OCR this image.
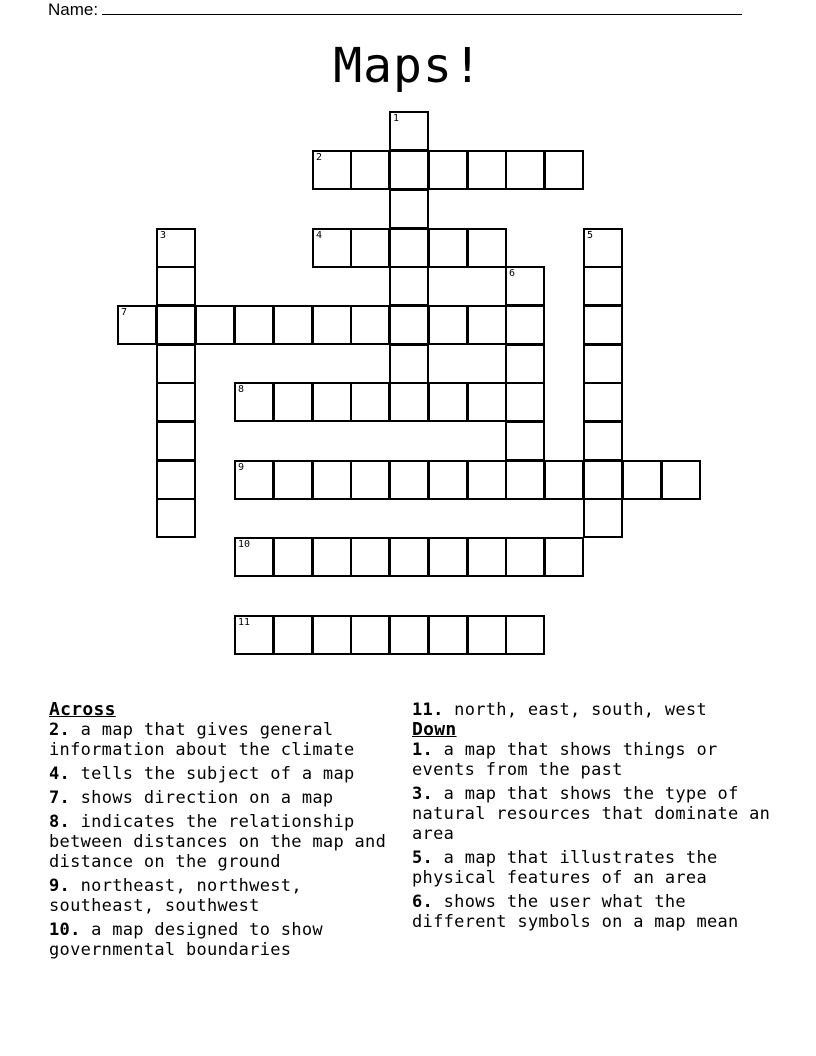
Name:
Maps!
1
2
3	4	5
6
7
8
9
10
11
Across
2. a map that gives general information about the climate
4. tells the subject of a map
7. shows direction on a map
8. indicates the relationship between distances on the map and distance on the ground
9. northeast, northwest, southeast, southwest
10. a map designed to show governmental boundaries
11. north, east, south, west
Down
1. a map that shows things or events from the past
3. a map that shows the type of natural resources that dominate an area
5. a map that illustrates the physical features of an area
6. shows the user what the different symbols on a map mean
